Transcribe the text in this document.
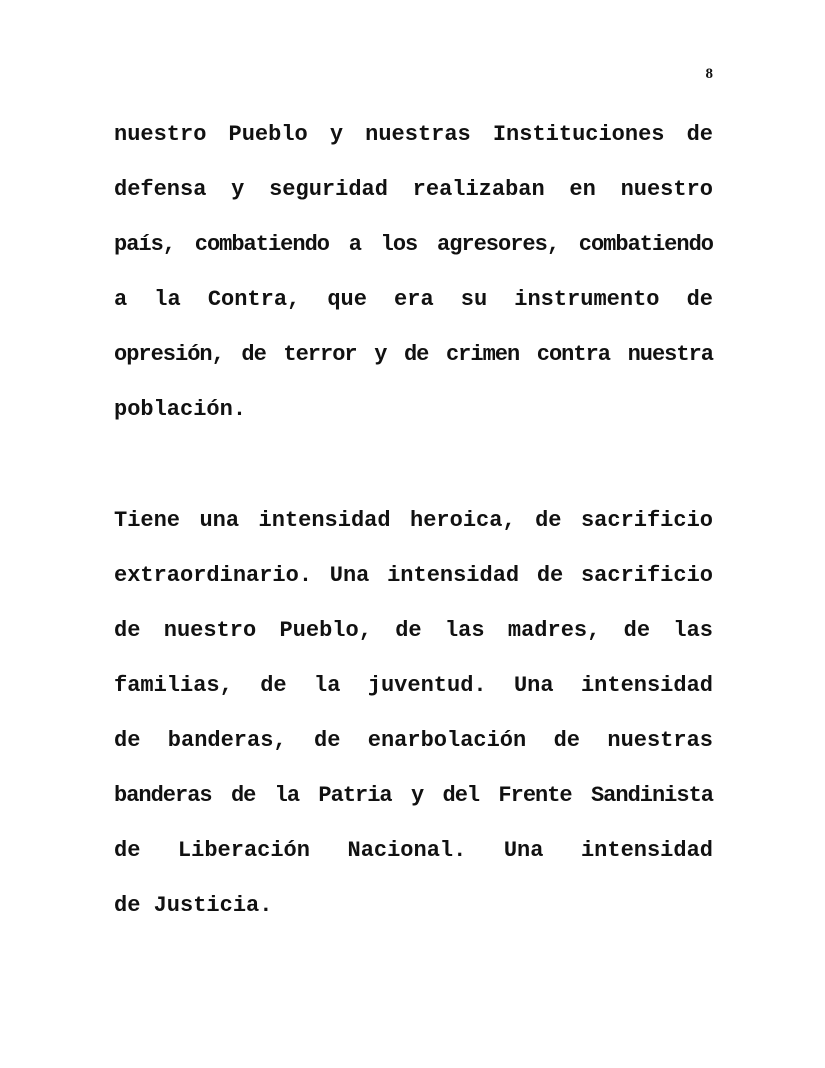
8
nuestro Pueblo y nuestras Instituciones de
defensa y seguridad realizaban en nuestro
país, combatiendo a los agresores, combatiendo
a la Contra, que era su instrumento de
opresión, de terror y de crimen contra nuestra
población.
Tiene una intensidad heroica, de sacrificio
extraordinario. Una intensidad de sacrificio
de nuestro Pueblo, de las madres, de las
familias, de la juventud. Una intensidad
de banderas, de enarbolación de nuestras
banderas de la Patria y del Frente Sandinista
de Liberación Nacional. Una intensidad
de Justicia.
